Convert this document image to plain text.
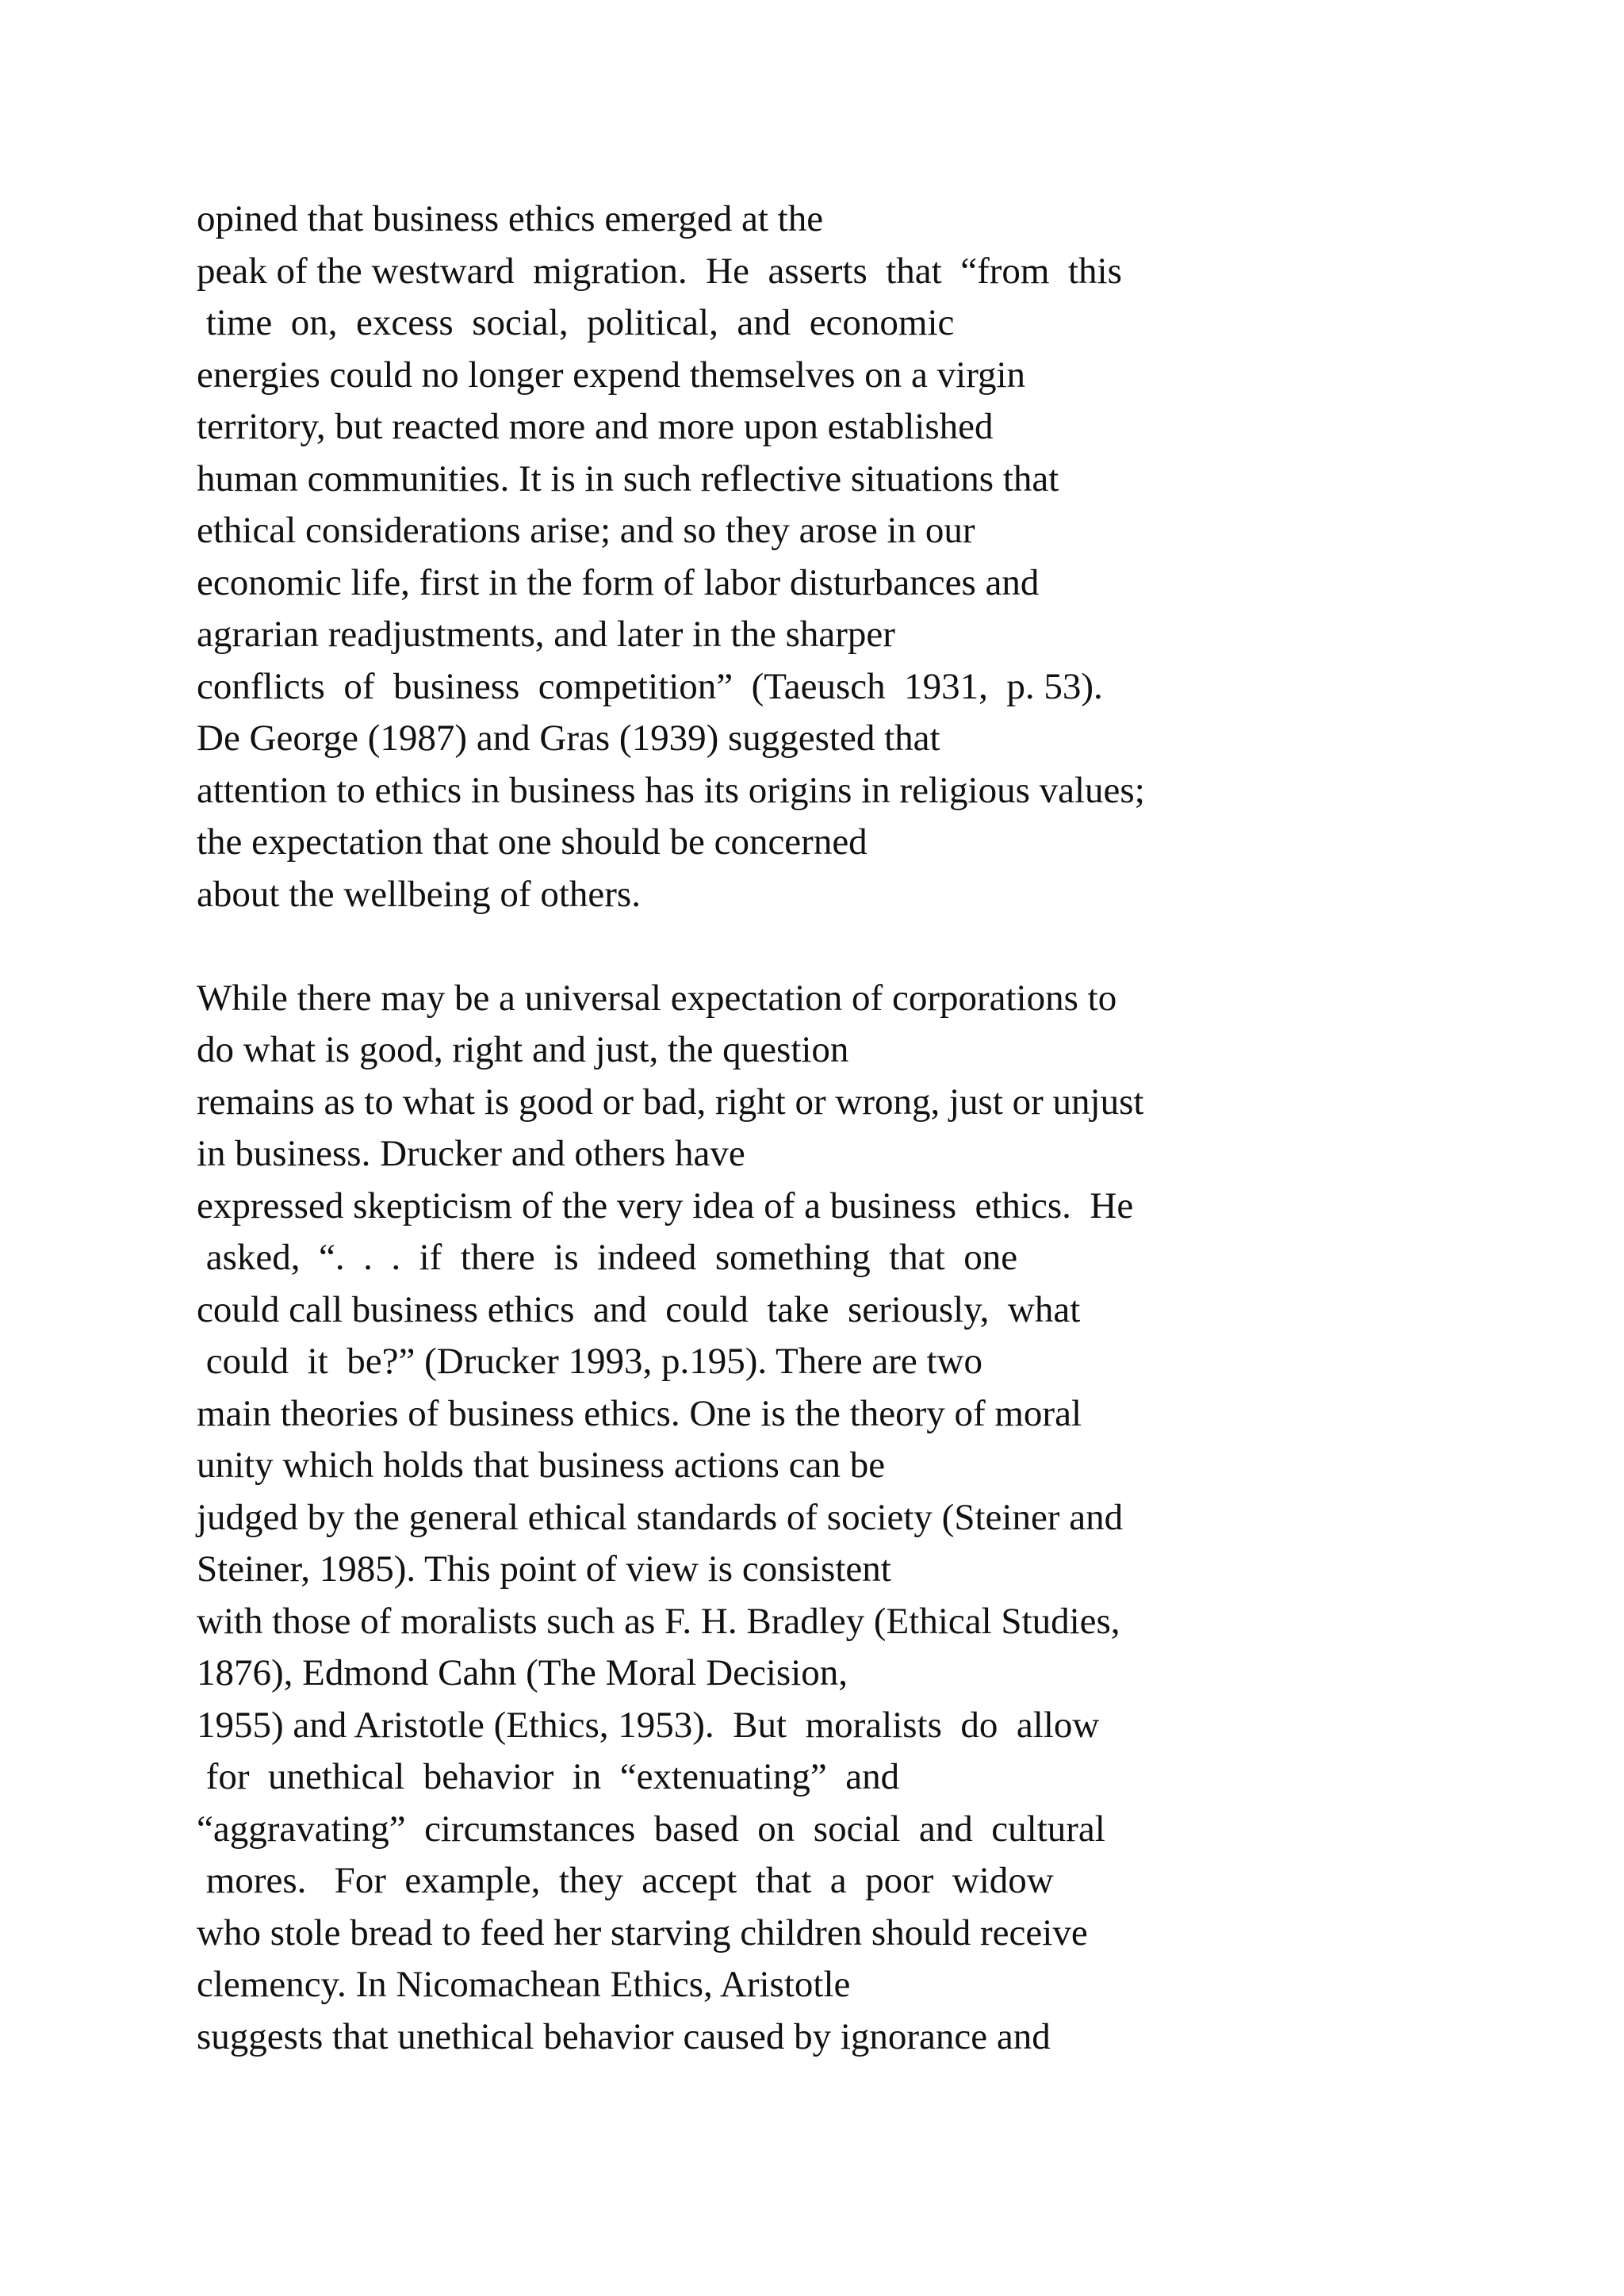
opined that business ethics emerged at the
peak of the westward  migration.  He  asserts  that  “from  this
time  on,  excess  social,  political,  and  economic
energies could no longer expend themselves on a virgin
territory, but reacted more and more upon established
human communities. It is in such reflective situations that
ethical considerations arise; and so they arose in our
economic life, first in the form of labor disturbances and
agrarian readjustments, and later in the sharper
conflicts  of  business  competition”  (Taeusch  1931,  p. 53).
De George (1987) and Gras (1939) suggested that
attention to ethics in business has its origins in religious values;
the expectation that one should be concerned
about the wellbeing of others.
While there may be a universal expectation of corporations to
do what is good, right and just, the question
remains as to what is good or bad, right or wrong, just or unjust
in business. Drucker and others have
expressed skepticism of the very idea of a business  ethics.  He
asked,  “.  .  .  if  there  is  indeed  something  that  one
could call business ethics  and  could  take  seriously,  what
could  it  be?” (Drucker 1993, p.195). There are two
main theories of business ethics. One is the theory of moral
unity which holds that business actions can be
judged by the general ethical standards of society (Steiner and
Steiner, 1985). This point of view is consistent
with those of moralists such as F. H. Bradley (Ethical Studies,
1876), Edmond Cahn (The Moral Decision,
1955) and Aristotle (Ethics, 1953).  But  moralists  do  allow
for  unethical  behavior  in  “extenuating”  and
“aggravating”  circumstances  based  on  social  and  cultural
mores.   For  example,  they  accept  that  a  poor  widow
who stole bread to feed her starving children should receive
clemency. In Nicomachean Ethics, Aristotle
suggests that unethical behavior caused by ignorance and
